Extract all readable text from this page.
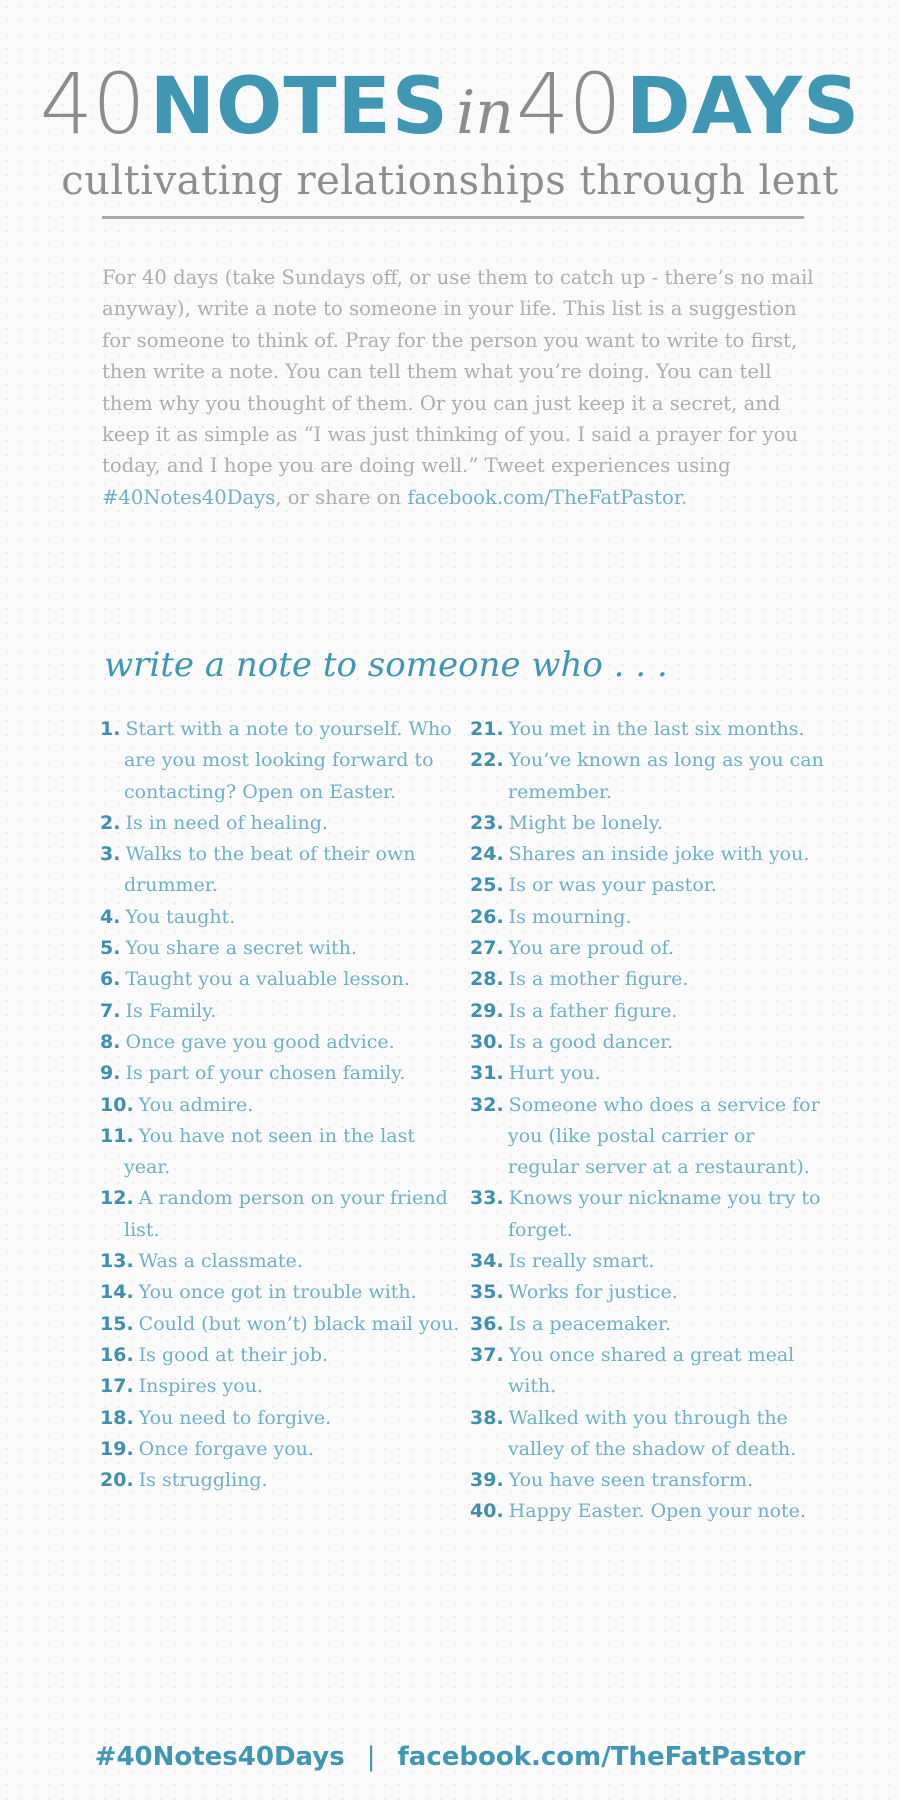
40 NOTES in40 DAYS
cultivating relationships through lent

For 40 days (take Sundays off, or use them to catch up - there’s no mail anyway), write a note to someone in your life. This list is a suggestion for someone to think of. Pray for the person you want to write to first, then write a note. You can tell them what you’re doing. You can tell them why you thought of them. Or you can just keep it a secret, and keep it as simple as “I was just thinking of you. I said a prayer for you today, and I hope you are doing well.” Tweet experiences using #40Notes40Days, or share on facebook.com/TheFatPastor.

write a note to someone who . . .
1. Start with a note to yourself. Who are you most looking forward to contacting? Open on Easter.
2. Is in need of healing.
3. Walks to the beat of their own drummer.
4. You taught.
5. You share a secret with.
6. Taught you a valuable lesson.
7. Is Family.
8. Once gave you good advice.
9. Is part of your chosen family.
10. You admire.
11. You have not seen in the last year.
12. A random person on your friend list.
13. Was a classmate.
14. You once got in trouble with.
15. Could (but won’t) black mail you.
16. Is good at their job.
17. Inspires you.
18. You need to forgive.
19. Once forgave you.
20. Is struggling.
21. You met in the last six months.
22. You’ve known as long as you can remember.
23. Might be lonely.
24. Shares an inside joke with you.
25. Is or was your pastor.
26. Is mourning.
27. You are proud of.
28. Is a mother figure.
29. Is a father figure.
30. Is a good dancer.
31. Hurt you.
32. Someone who does a service for you (like postal carrier or regular server at a restaurant).
33. Knows your nickname you try to forget.
34. Is really smart.
35. Works for justice.
36. Is a peacemaker.
37. You once shared a great meal with.
38. Walked with you through the valley of the shadow of death.
39. You have seen transform.
40. Happy Easter. Open your note.
#40Notes40Days | facebook.com/TheFatPastor
